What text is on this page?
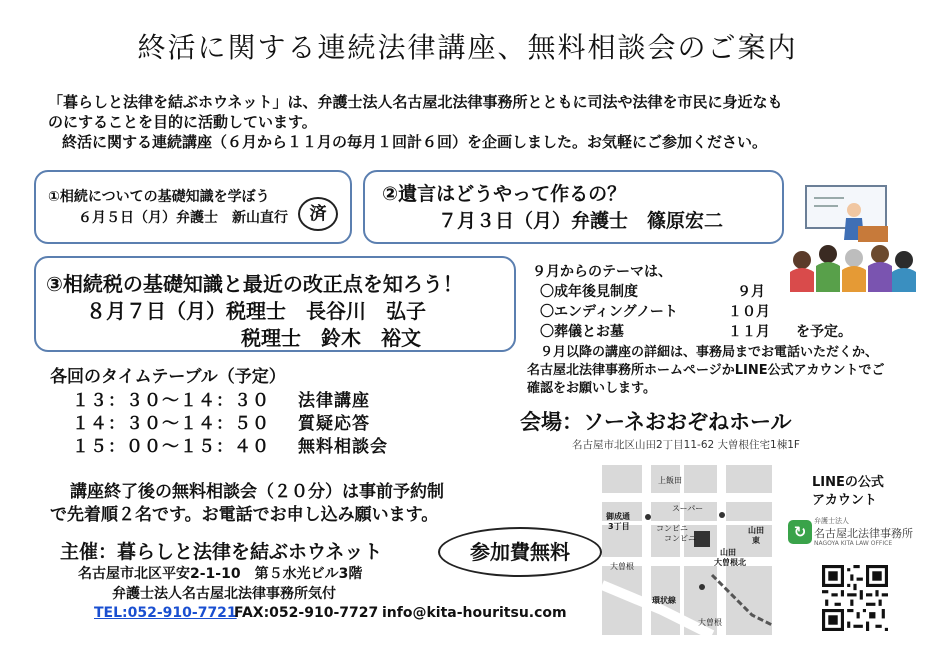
終活に関する連続法律講座、無料相談会のご案内
「暮らしと法律を結ぶホウネット」は、弁護士法人名古屋北法律事務所とともに司法や法律を市民に身近なも
のにすることを目的に活動しています。
終活に関する連続講座（６月から１１月の毎月１回計６回）を企画しました。お気軽にご参加ください。
①相続についての基礎知識を学ぼう
６月５日（月）弁護士　新山直行	済
②遺言はどうやって作るの？
７月３日（月）弁護士　篠原宏二
③相続税の基礎知識と最近の改正点を知ろう！
８月７日（月）税理士　長谷川　弘子
税理士　鈴木　裕文
９月からのテーマは、
〇成年後見制度	９月
〇エンディングノート	１０月
〇葬儀とお墓	１１月 を予定。
９月以降の講座の詳細は、事務局までお電話いただくか、
名古屋北法律事務所ホームページかLINE公式アカウントでご
確認をお願いします。
各回のタイムテーブル（予定）
１３：３０〜１４：３０ 法律講座
１４：３０〜１４：５０ 質疑応答
１５：００〜１５：４０ 無料相談会
会場：ソーネおおぞねホール
名古屋市北区山田2丁目11-62 大曽根住宅1棟1F
講座終了後の無料相談会（２０分）は事前予約制
で先着順２名です。お電話でお申し込み願います。
主催：暮らしと法律を結ぶホウネット
名古屋市北区平安2-1-10　第５水光ビル3階
弁護士法人名古屋北法律事務所気付
TEL:052-910-7721
FAX:052-910-7727 info@kita-houritsu.com
参加費無料
上飯田
スーパー
御成通
3丁目	コンビニ
コンビニ
山田
東
山田
大曽根北
大曽根
環状線
大曽根
LINEの公式
アカウント
↻
弁護士法人
名古屋北法律事務所
NAGOYA KITA LAW OFFICE
